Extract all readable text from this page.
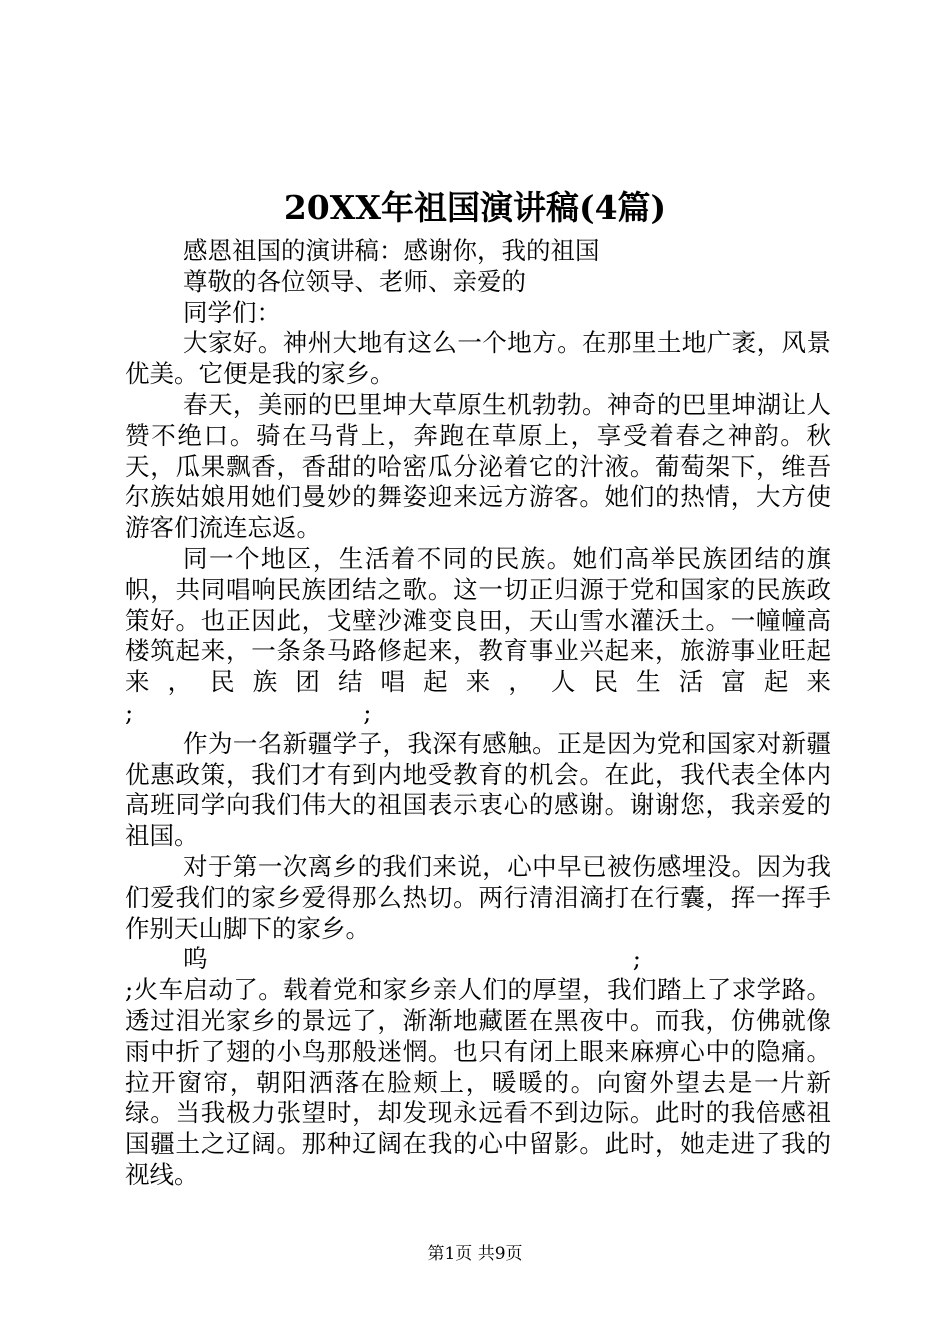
20XX年祖国演讲稿(4篇)

感恩祖国的演讲稿：感谢你，我的祖国

尊敬的各位领导、老师、亲爱的

同学们：

大家好。神州大地有这么一个地方。在那里土地广袤，风景优美。它便是我的家乡。

春天，美丽的巴里坤大草原生机勃勃。神奇的巴里坤湖让人赞不绝口。骑在马背上，奔跑在草原上，享受着春之神韵。秋天，瓜果飘香，香甜的哈密瓜分泌着它的汁液。葡萄架下，维吾尔族姑娘用她们曼妙的舞姿迎来远方游客。她们的热情，大方使游客们流连忘返。

同一个地区，生活着不同的民族。她们高举民族团结的旗帜，共同唱响民族团结之歌。这一切正归源于党和国家的民族政策好。也正因此，戈壁沙滩变良田，天山雪水灌沃土。一幢幢高楼筑起来，一条条马路修起来，教育事业兴起来，旅游事业旺起来，民族团结唱起来，人民生活富起来

;	;

作为一名新疆学子，我深有感触。正是因为党和国家对新疆优惠政策，我们才有到内地受教育的机会。在此，我代表全体内高班同学向我们伟大的祖国表示衷心的感谢。谢谢您，我亲爱的祖国。

对于第一次离乡的我们来说，心中早已被伤感埋没。因为我们爱我们的家乡爱得那么热切。两行清泪滴打在行囊，挥一挥手作别天山脚下的家乡。

呜	;

;火车启动了。载着党和家乡亲人们的厚望，我们踏上了求学路。透过泪光家乡的景远了，渐渐地藏匿在黑夜中。而我，仿佛就像雨中折了翅的小鸟那般迷惘。也只有闭上眼来麻痹心中的隐痛。拉开窗帘，朝阳洒落在脸颊上，暖暖的。向窗外望去是一片新绿。当我极力张望时，却发现永远看不到边际。此时的我倍感祖国疆土之辽阔。那种辽阔在我的心中留影。此时，她走进了我的视线。

第1页 共9页
